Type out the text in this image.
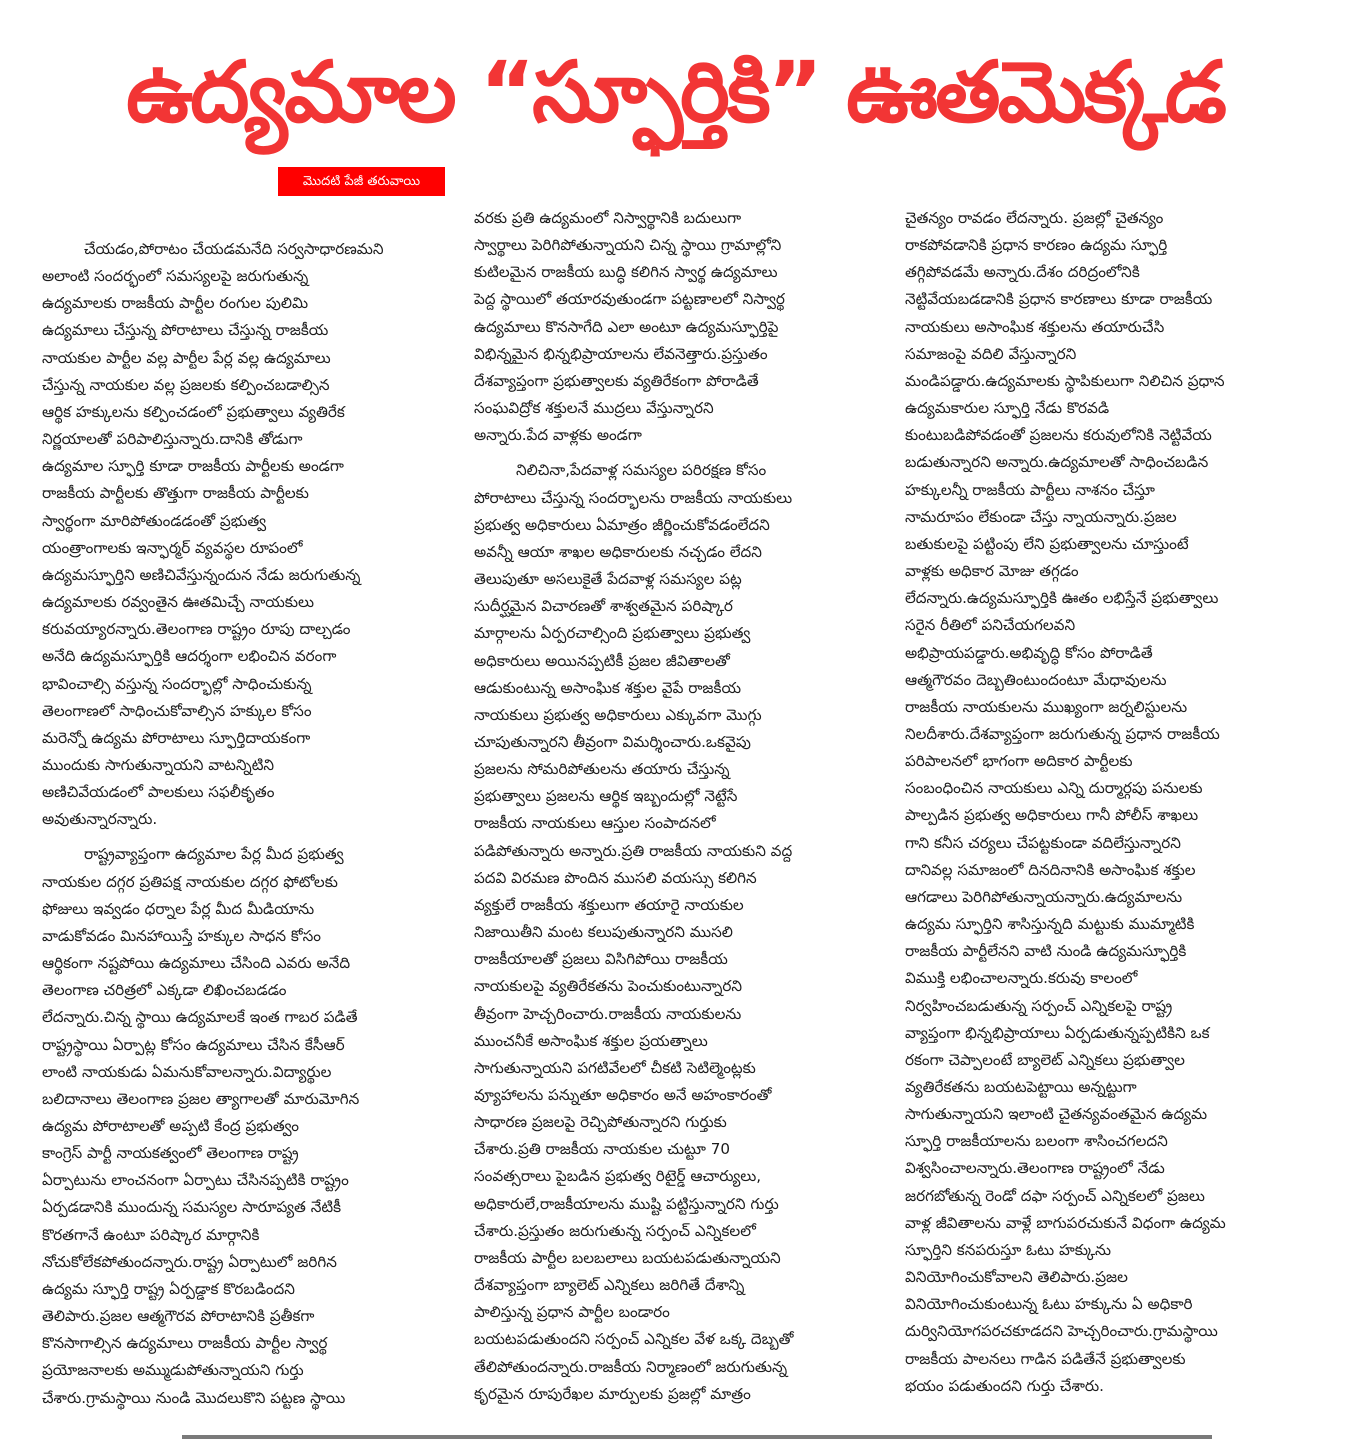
ఉద్యమాల “స్ఫూర్తికి” ఊతమెక్కడ
మొదటి పేజీ తరువాయి
చేయడం,పోరాటం చేయడమనేది సర్వసాధారణమని
అలాంటి సందర్భంలో సమస్యలపై జరుగుతున్న
ఉద్యమాలకు రాజకీయ పార్టీల రంగుల పులిమి
ఉద్యమాలు చేస్తున్న పోరాటాలు చేస్తున్న రాజకీయ
నాయకుల పార్టీల వల్ల పార్టీల పేర్ల వల్ల ఉద్యమాలు
చేస్తున్న నాయకుల వల్ల ప్రజలకు కల్పించబడాల్సిన
ఆర్థిక హక్కులను కల్పించడంలో ప్రభుత్వాలు వ్యతిరేక
నిర్ణయాలతో పరిపాలిస్తున్నారు.దానికి తోడుగా
ఉద్యమాల స్ఫూర్తి కూడా రాజకీయ పార్టీలకు అండగా
రాజకీయ పార్టీలకు తొత్తుగా రాజకీయ పార్టీలకు
స్వార్థంగా మారిపోతుండడంతో ప్రభుత్వ
యంత్రాంగాలకు ఇన్ఫార్మర్ వ్యవస్థల రూపంలో
ఉద్యమస్ఫూర్తిని అణిచివేస్తున్నందున నేడు జరుగుతున్న
ఉద్యమాలకు రవ్వంతైన ఊతమిచ్చే నాయకులు
కరువయ్యారన్నారు.తెలంగాణ రాష్ట్రం రూపు దాల్చడం
అనేది ఉద్యమస్ఫూర్తికి ఆదర్శంగా లభించిన వరంగా
భావించాల్సి వస్తున్న సందర్భాల్లో సాధించుకున్న
తెలంగాణలో సాధించుకోవాల్సిన హక్కుల కోసం
మరెన్నో ఉద్యమ పోరాటాలు స్ఫూర్తిదాయకంగా
ముందుకు సాగుతున్నాయని వాటన్నిటిని
అణిచివేయడంలో పాలకులు సఫలీకృతం
అవుతున్నారన్నారు.
రాష్ట్రవ్యాప్తంగా ఉద్యమాల పేర్ల మీద ప్రభుత్వ
నాయకుల దగ్గర ప్రతిపక్ష నాయకుల దగ్గర ఫోటోలకు
ఫోజులు ఇవ్వడం ధర్నాల పేర్ల మీద మీడియాను
వాడుకోవడం మినహాయిస్తే హక్కుల సాధన కోసం
ఆర్థికంగా నష్టపోయి ఉద్యమాలు చేసింది ఎవరు అనేది
తెలంగాణ చరిత్రలో ఎక్కడా లిఖించబడడం
లేదన్నారు.చిన్న స్థాయి ఉద్యమాలకే ఇంత గాబర పడితే
రాష్ట్రస్థాయి ఏర్పాట్ల కోసం ఉద్యమాలు చేసిన కేసీఆర్
లాంటి నాయకుడు ఏమనుకోవాలన్నారు.విద్యార్థుల
బలిదానాలు తెలంగాణ ప్రజల త్యాగాలతో మారుమోగిన
ఉద్యమ పోరాటాలతో అప్పటి కేంద్ర ప్రభుత్వం
కాంగ్రెస్ పార్టీ నాయకత్వంలో తెలంగాణ రాష్ట్ర
ఏర్పాటును లాంచనంగా ఏర్పాటు చేసినప్పటికి రాష్ట్రం
ఏర్పడడానికి ముందున్న సమస్యల సారూప్యత నేటికీ
కొరతగానే ఉంటూ పరిష్కార మార్గానికి
నోచుకోలేకపోతుందన్నారు.రాష్ట్ర ఏర్పాటులో జరిగిన
ఉద్యమ స్ఫూర్తి రాష్ట్ర ఏర్పడ్డాక కొరబడిందని
తెలిపారు.ప్రజల ఆత్మగౌరవ పోరాటానికి ప్రతీకగా
కొనసాగాల్సిన ఉద్యమాలు రాజకీయ పార్టీల స్వార్థ
ప్రయోజనాలకు అమ్ముడుపోతున్నాయని గుర్తు
చేశారు.గ్రామస్థాయి నుండి మొదలుకొని పట్టణ స్థాయి
వరకు ప్రతి ఉద్యమంలో నిస్వార్థానికి బదులుగా
స్వార్థాలు పెరిగిపోతున్నాయని చిన్న స్థాయి గ్రామాల్లోని
కుటిలమైన రాజకీయ బుద్ధి కలిగిన స్వార్థ ఉద్యమాలు
పెద్ద స్థాయిలో తయారవుతుండగా పట్టణాలలో నిస్వార్థ
ఉద్యమాలు కొనసాగేది ఎలా అంటూ ఉద్యమస్ఫూర్తిపై
విభిన్నమైన భిన్నభిప్రాయాలను లేవనెత్తారు.ప్రస్తుతం
దేశవ్యాప్తంగా ప్రభుత్వాలకు వ్యతిరేకంగా పోరాడితే
సంఘవిద్రోక శక్తులనే ముద్రలు వేస్తున్నారని
అన్నారు.పేద వాళ్లకు అండగా
నిలిచినా,పేదవాళ్ల సమస్యల పరిరక్షణ కోసం
పోరాటాలు చేస్తున్న సందర్భాలను రాజకీయ నాయకులు
ప్రభుత్వ అధికారులు ఏమాత్రం జీర్ణించుకోవడంలేదని
అవన్నీ ఆయా శాఖల అధికారులకు నచ్చడం లేదని
తెలుపుతూ అసలుకైతే పేదవాళ్ల సమస్యల పట్ల
సుదీర్ఘమైన విచారణతో శాశ్వతమైన పరిష్కార
మార్గాలను ఏర్పరచాల్సింది ప్రభుత్వాలు ప్రభుత్వ
అధికారులు అయినప్పటికీ ప్రజల జీవితాలతో
ఆడుకుంటున్న అసాంఘిక శక్తుల వైపే రాజకీయ
నాయకులు ప్రభుత్వ అధికారులు ఎక్కువగా మొగ్గు
చూపుతున్నారని తీవ్రంగా విమర్శించారు.ఒకవైపు
ప్రజలను సోమరిపోతులను తయారు చేస్తున్న
ప్రభుత్వాలు ప్రజలను ఆర్థిక ఇబ్బందుల్లో నెట్టేసే
రాజకీయ నాయకులు ఆస్తుల సంపాదనలో
పడిపోతున్నారు అన్నారు.ప్రతి రాజకీయ నాయకుని వద్ద
పదవి విరమణ పొందిన ముసలి వయస్సు కలిగిన
వ్యక్తులే రాజకీయ శక్తులుగా తయారై నాయకుల
నిజాయితీని మంట కలుపుతున్నారని ముసలి
రాజకీయాలతో ప్రజలు విసిగిపోయి రాజకీయ
నాయకులపై వ్యతిరేకతను పెంచుకుంటున్నారని
తీవ్రంగా హెచ్చరించారు.రాజకీయ నాయకులను
ముంచనీకే అసాంఘిక శక్తుల ప్రయత్నాలు
సాగుతున్నాయని పగటివేలలో చీకటి సెటిల్మెంట్లకు
వ్యూహాలను పన్నుతూ అధికారం అనే అహంకారంతో
సాధారణ ప్రజలపై రెచ్చిపోతున్నారని గుర్తుకు
చేశారు.ప్రతి రాజకీయ నాయకుల చుట్టూ 70
సంవత్సరాలు పైబడిన ప్రభుత్వ రిటైర్డ్ ఆచార్యులు,
అధికారులే,రాజకీయాలను ముష్టి పట్టిస్తున్నారని గుర్తు
చేశారు.ప్రస్తుతం జరుగుతున్న సర్పంచ్ ఎన్నికలలో
రాజకీయ పార్టీల బలబలాలు బయటపడుతున్నాయని
దేశవ్యాప్తంగా బ్యాలెట్ ఎన్నికలు జరిగితే దేశాన్ని
పాలిస్తున్న ప్రధాన పార్టీల బండారం
బయటపడుతుందని సర్పంచ్ ఎన్నికల వేళ ఒక్క దెబ్బతో
తేలిపోతుందన్నారు.రాజకీయ నిర్మాణంలో జరుగుతున్న
కృరమైన రూపురేఖల మార్పులకు ప్రజల్లో మాత్రం
చైతన్యం రావడం లేదన్నారు. ప్రజల్లో చైతన్యం
రాకపోవడానికి ప్రధాన కారణం ఉద్యమ స్ఫూర్తి
తగ్గిపోవడమే అన్నారు.దేశం దరిద్రంలోనికి
నెట్టివేయబడడానికి ప్రధాన కారణాలు కూడా రాజకీయ
నాయకులు అసాంఘిక శక్తులను తయారుచేసి
సమాజంపై వదిలి వేస్తున్నారని
మండిపడ్డారు.ఉద్యమాలకు స్థాపికులుగా నిలిచిన ప్రధాన
ఉద్యమకారుల స్ఫూర్తి నేడు కొరవడి
కుంటుబడిపోవడంతో ప్రజలను కరువులోనికి నెట్టివేయ
బడుతున్నారని అన్నారు.ఉద్యమాలతో సాధించబడిన
హక్కులన్నీ రాజకీయ పార్టీలు నాశనం చేస్తూ
నామరూపం లేకుండా చేస్తు న్నాయన్నారు.ప్రజల
బతుకులపై పట్టింపు లేని ప్రభుత్వాలను చూస్తుంటే
వాళ్లకు అధికార మోజు తగ్గడం
లేదన్నారు.ఉద్యమస్ఫూర్తికి ఊతం లభిస్తేనే ప్రభుత్వాలు
సరైన రీతిలో పనిచేయగలవని
అభిప్రాయపడ్డారు.అభివృద్ధి కోసం పోరాడితే
ఆత్మగౌరవం దెబ్బతింటుందంటూ మేధావులను
రాజకీయ నాయకులను ముఖ్యంగా జర్నలిస్టులను
నిలదీశారు.దేశవ్యాప్తంగా జరుగుతున్న ప్రధాన రాజకీయ
పరిపాలనలో భాగంగా అదికార పార్టీలకు
సంబంధించిన నాయకులు ఎన్ని దుర్మార్గపు పనులకు
పాల్పడిన ప్రభుత్వ అధికారులు గానీ పోలీస్ శాఖలు
గాని కనీస చర్యలు చేపట్టకుండా వదిలేస్తున్నారని
దానివల్ల సమాజంలో దినదినానికి అసాంఘిక శక్తుల
ఆగడాలు పెరిగిపోతున్నాయన్నారు.ఉద్యమాలను
ఉద్యమ స్ఫూర్తిని శాసిస్తున్నది మట్టుకు ముమ్మాటికి
రాజకీయ పార్టీలేనని వాటి నుండి ఉద్యమస్ఫూర్తికి
విముక్తి లభించాలన్నారు.కరువు కాలంలో
నిర్వహించబడుతున్న సర్పంచ్ ఎన్నికలపై రాష్ట్ర
వ్యాప్తంగా భిన్నభిప్రాయాలు ఏర్పడుతున్నప్పటికిని ఒక
రకంగా చెప్పాలంటే బ్యాలెట్ ఎన్నికలు ప్రభుత్వాల
వ్యతిరేకతను బయటపెట్టాయి అన్నట్టుగా
సాగుతున్నాయని ఇలాంటి చైతన్యవంతమైన ఉద్యమ
స్ఫూర్తి రాజకీయాలను బలంగా శాసించగలదని
విశ్వసించాలన్నారు.తెలంగాణ రాష్ట్రంలో నేడు
జరగబోతున్న రెండో దఫా సర్పంచ్ ఎన్నికలలో ప్రజలు
వాళ్ల జీవితాలను వాళ్లే బాగుపరచుకునే విధంగా ఉద్యమ
స్ఫూర్తిని కనపరుస్తూ ఓటు హక్కును
వినియోగించుకోవాలని తెలిపారు.ప్రజల
వినియోగించుకుంటున్న ఓటు హక్కును ఏ అధికారి
దుర్వినియోగపరచకూడదని హెచ్చరించారు.గ్రామస్థాయి
రాజకీయ పాలనలు గాడిన పడితేనే ప్రభుత్వాలకు
భయం పడుతుందని గుర్తు చేశారు.
